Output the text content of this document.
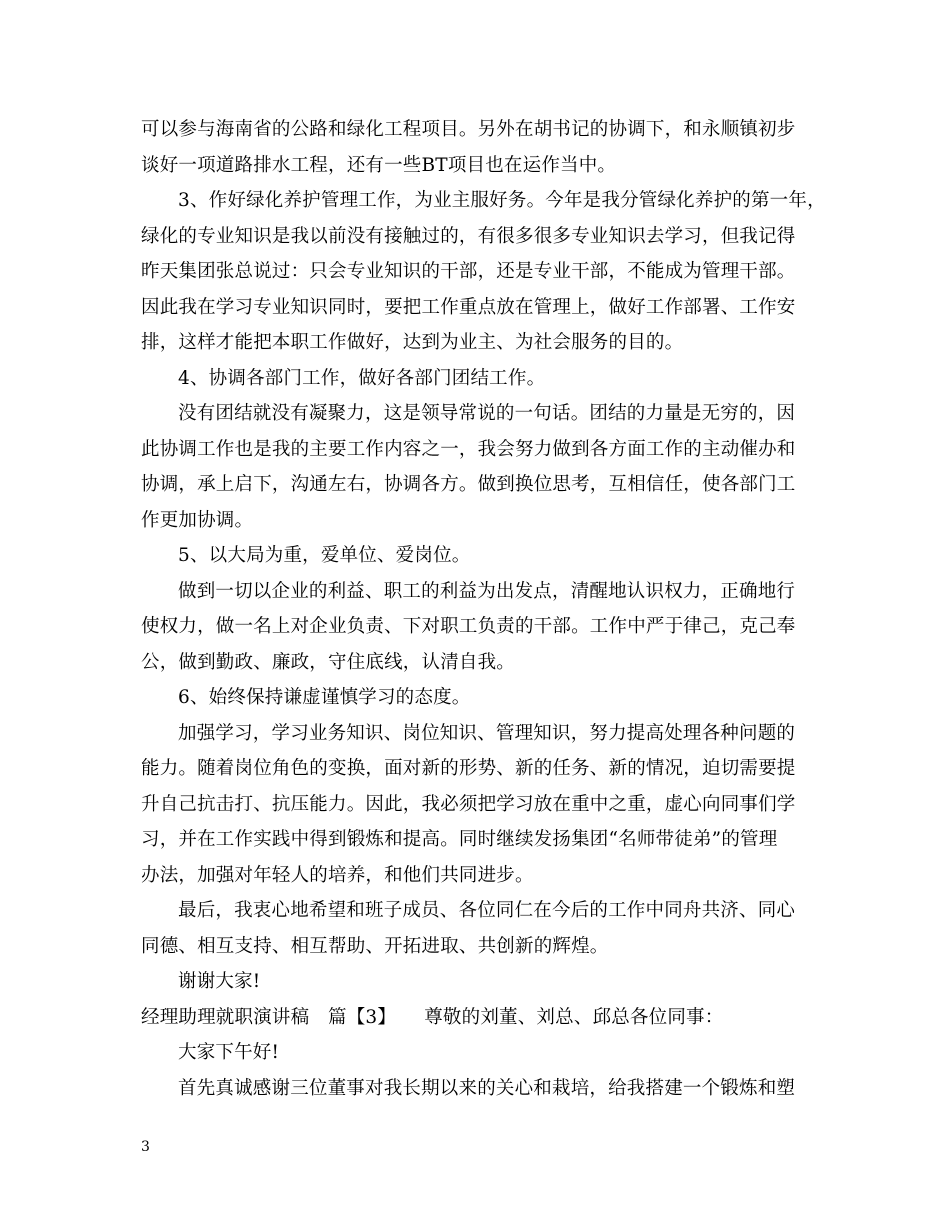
可以参与海南省的公路和绿化工程项目。另外在胡书记的协调下，和永顺镇初步
谈好一项道路排水工程，还有一些BT项目也在运作当中。
3、作好绿化养护管理工作，为业主服好务。今年是我分管绿化养护的第一年，
绿化的专业知识是我以前没有接触过的，有很多很多专业知识去学习，但我记得
昨天集团张总说过：只会专业知识的干部，还是专业干部，不能成为管理干部。
因此我在学习专业知识同时，要把工作重点放在管理上，做好工作部署、工作安
排，这样才能把本职工作做好，达到为业主、为社会服务的目的。
4、协调各部门工作，做好各部门团结工作。
没有团结就没有凝聚力，这是领导常说的一句话。团结的力量是无穷的，因
此协调工作也是我的主要工作内容之一，我会努力做到各方面工作的主动催办和
协调，承上启下，沟通左右，协调各方。做到换位思考，互相信任，使各部门工
作更加协调。
5、以大局为重，爱单位、爱岗位。
做到一切以企业的利益、职工的利益为出发点，清醒地认识权力，正确地行
使权力，做一名上对企业负责、下对职工负责的干部。工作中严于律己，克己奉
公，做到勤政、廉政，守住底线，认清自我。
6、始终保持谦虚谨慎学习的态度。
加强学习，学习业务知识、岗位知识、管理知识，努力提高处理各种问题的
能力。随着岗位角色的变换，面对新的形势、新的任务、新的情况，迫切需要提
升自己抗击打、抗压能力。因此，我必须把学习放在重中之重，虚心向同事们学
习，并在工作实践中得到锻炼和提高。同时继续发扬集团“名师带徒弟”的管理
办法，加强对年轻人的培养，和他们共同进步。
最后，我衷心地希望和班子成员、各位同仁在今后的工作中同舟共济、同心
同德、相互支持、相互帮助、开拓进取、共创新的辉煌。
谢谢大家!
经理助理就职演讲稿　篇【3】　　尊敬的刘董、刘总、邱总各位同事：
大家下午好!
首先真诚感谢三位董事对我长期以来的关心和栽培，给我搭建一个锻炼和塑
3
